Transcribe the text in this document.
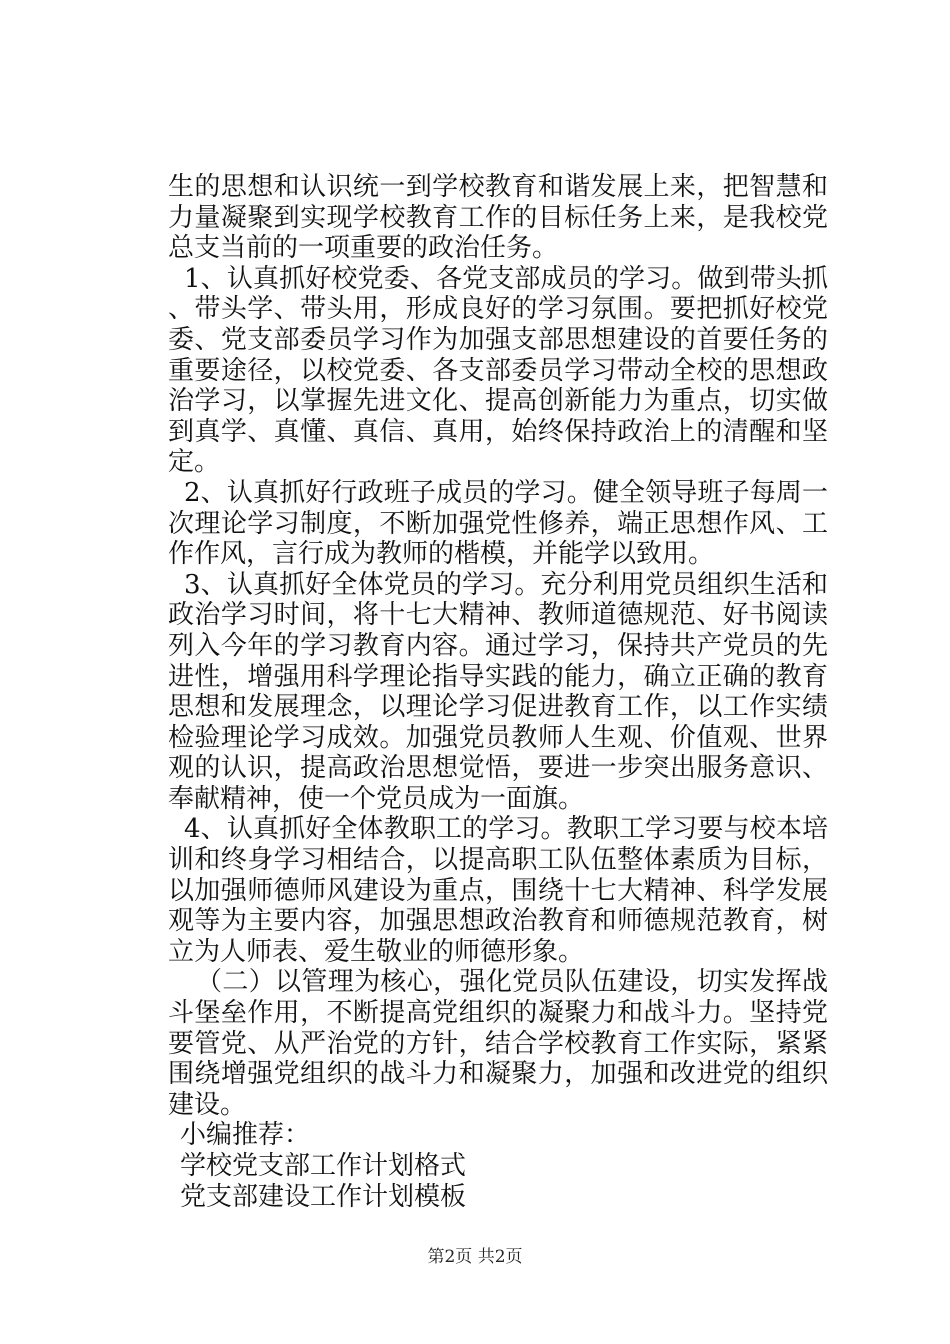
生的思想和认识统一到学校教育和谐发展上来，把智慧和力量凝聚到实现学校教育工作的目标任务上来，是我校党总支当前的一项重要的政治任务。

1、认真抓好校党委、各党支部成员的学习。做到带头抓、带头学、带头用，形成良好的学习氛围。要把抓好校党委、党支部委员学习作为加强支部思想建设的首要任务的重要途径，以校党委、各支部委员学习带动全校的思想政治学习，以掌握先进文化、提高创新能力为重点，切实做到真学、真懂、真信、真用，始终保持政治上的清醒和坚定。

2、认真抓好行政班子成员的学习。健全领导班子每周一次理论学习制度，不断加强党性修养，端正思想作风、工作作风，言行成为教师的楷模，并能学以致用。

3、认真抓好全体党员的学习。充分利用党员组织生活和政治学习时间，将十七大精神、教师道德规范、好书阅读列入今年的学习教育内容。通过学习，保持共产党员的先进性，增强用科学理论指导实践的能力，确立正确的教育思想和发展理念，以理论学习促进教育工作，以工作实绩检验理论学习成效。加强党员教师人生观、价值观、世界观的认识，提高政治思想觉悟，要进一步突出服务意识、奉献精神，使一个党员成为一面旗。

4、认真抓好全体教职工的学习。教职工学习要与校本培训和终身学习相结合，以提高职工队伍整体素质为目标，以加强师德师风建设为重点，围绕十七大精神、科学发展观等为主要内容，加强思想政治教育和师德规范教育，树立为人师表、爱生敬业的师德形象。

（二）以管理为核心，强化党员队伍建设，切实发挥战斗堡垒作用，不断提高党组织的凝聚力和战斗力。坚持党要管党、从严治党的方针，结合学校教育工作实际，紧紧围绕增强党组织的战斗力和凝聚力，加强和改进党的组织建设。

小编推荐：

学校党支部工作计划格式

党支部建设工作计划模板

第2页 共2页
